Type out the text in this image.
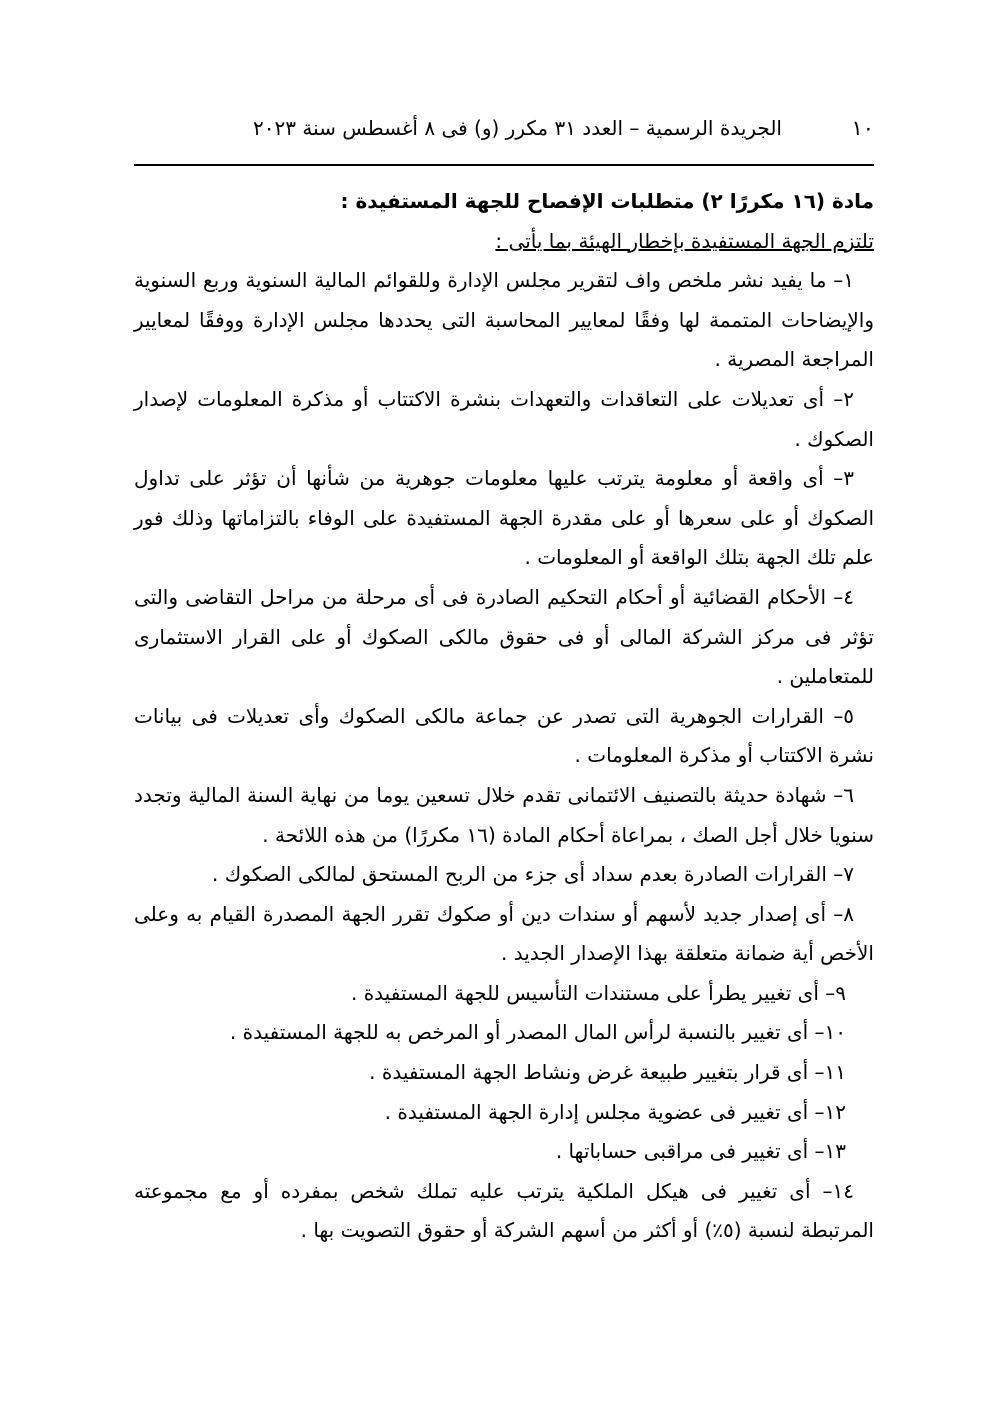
١٠
الجريدة الرسمية – العدد ٣١ مكرر (و) فى ٨ أغسطس سنة ٢٠٢٣

مادة (١٦ مكررًا ٢) متطلبات الإفصاح للجهة المستفيدة :

تلتزم الجهة المستفيدة بإخطار الهيئة بما يأتى :

١– ما يفيد نشر ملخص واف لتقرير مجلس الإدارة وللقوائم المالية السنوية وربع السنوية والإيضاحات المتممة لها وفقًا لمعايير المحاسبة التى يحددها مجلس الإدارة ووفقًا لمعايير المراجعة المصرية .

٢– أى تعديلات على التعاقدات والتعهدات بنشرة الاكتتاب أو مذكرة المعلومات لإصدار الصكوك .

٣– أى واقعة أو معلومة يترتب عليها معلومات جوهرية من شأنها أن تؤثر على تداول الصكوك أو على سعرها أو على مقدرة الجهة المستفيدة على الوفاء بالتزاماتها وذلك فور علم تلك الجهة بتلك الواقعة أو المعلومات .

٤– الأحكام القضائية أو أحكام التحكيم الصادرة فى أى مرحلة من مراحل التقاضى والتى تؤثر فى مركز الشركة المالى أو فى حقوق مالكى الصكوك أو على القرار الاستثمارى للمتعاملين .

٥– القرارات الجوهرية التى تصدر عن جماعة مالكى الصكوك وأى تعديلات فى بيانات نشرة الاكتتاب أو مذكرة المعلومات .

٦– شهادة حديثة بالتصنيف الائتمانى تقدم خلال تسعين يوما من نهاية السنة المالية وتجدد سنويا خلال أجل الصك ، بمراعاة أحكام المادة (١٦ مكررًا) من هذه اللائحة .

٧– القرارات الصادرة بعدم سداد أى جزء من الربح المستحق لمالكى الصكوك .

٨– أى إصدار جديد لأسهم أو سندات دين أو صكوك تقرر الجهة المصدرة القيام به وعلى الأخص أية ضمانة متعلقة بهذا الإصدار الجديد .

٩– أى تغيير يطرأ على مستندات التأسيس للجهة المستفيدة .

١٠– أى تغيير بالنسبة لرأس المال المصدر أو المرخص به للجهة المستفيدة .

١١– أى قرار بتغيير طبيعة غرض ونشاط الجهة المستفيدة .

١٢– أى تغيير فى عضوية مجلس إدارة الجهة المستفيدة .

١٣– أى تغيير فى مراقبى حساباتها .

١٤– أى تغيير فى هيكل الملكية يترتب عليه تملك شخص بمفرده أو مع مجموعته المرتبطة لنسبة (٥٪) أو أكثر من أسهم الشركة أو حقوق التصويت بها .
